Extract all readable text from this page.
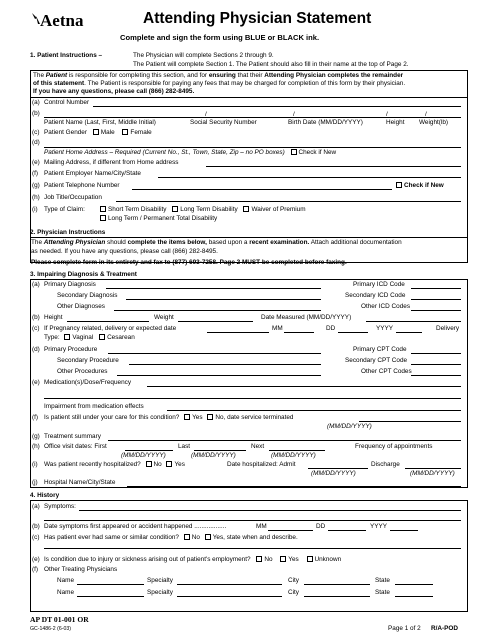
Aetna	Attending Physician Statement
Complete and sign the form using BLUE or BLACK ink.
1. Patient Instructions –	The Physician will complete Sections 2 through 9.
The Patient will complete Section 1. The Patient should also fill in their name at the top of Page 2.
The Patient is responsible for completing this section, and for ensuring that their Attending Physician completes the remainder
of this statement. The Patient is responsible for paying any fees that may be charged for completion of this form by their physician.
If you have any questions, please call (866) 282-8495.
(a) Control Number
(b)	/	/	/	/
Patient Name (Last, First, Middle Initial)	Social Security Number	Birth Date (MM/DD/YYYY)	Height Weight(lb)
(c) Patient Gender Male Female
(d)
Patient Home Address – Required (Current No., St., Town, State, Zip – no PO boxes) Check if New
(e) Mailing Address, if different from Home address
(f) Patient Employer Name/City/State
(g) Patient Telephone Number	Check if New
(h) Job Title/Occupation
(i) Type of Claim:	Short Term Disability Long Term Disability Waiver of Premium
Long Term / Permanent Total Disability
2. Physician Instructions
The Attending Physician should complete the items below, based upon a recent examination. Attach additional documentation
as needed. If you have any questions, please call (866) 282-8495.
Please complete form in its entirety and fax to (877) 693-7258. Page 2 MUST be completed before faxing.
3. Impairing Diagnosis & Treatment
(a) Primary Diagnosis	Primary ICD Code
Secondary Diagnosis	Secondary ICD Code
Other Diagnoses	Other ICD Codes
(b) Height	Weight	Date Measured (MM/DD/YYYY)
(c) If Pregnancy related, delivery or expected date	MM	DD	YYYY	Delivery
Type: Vaginal Cesarean
(d) Primary Procedure	Primary CPT Code
Secondary Procedure	Secondary CPT Code
Other Procedures	Other CPT Codes
(e) Medication(s)/Dose/Frequency
Impairment from medication effects
(f) Is patient still under your care for this condition? Yes No, date service terminated
(MM/DD/YYYY)
(g) Treatment summary
(h) Office visit dates: First	Last	Next	Frequency of appointments
(MM/DD/YYYY)	(MM/DD/YYYY)	(MM/DD/YYYY)
(i) Was patient recently hospitalized? No Yes	Date hospitalized: Admit	Discharge
(MM/DD/YYYY)	(MM/DD/YYYY)
(j) Hospital Name/City/State
4. History
(a) Symptoms:
(b) Date symptoms first appeared or accident happened ..................	MM	DD	YYYY
(c) Has patient ever had same or similar condition? No Yes, state when and describe.
(e) Is condition due to injury or sickness arising out of patient's employment? No Yes Unknown
(f) Other Treating Physicians
Name	Specialty	City	State
Name	Specialty	City	State
AP DT 01-001 OR
GC-1486-2 (6-03)	Page 1 of 2 R/A-POD
